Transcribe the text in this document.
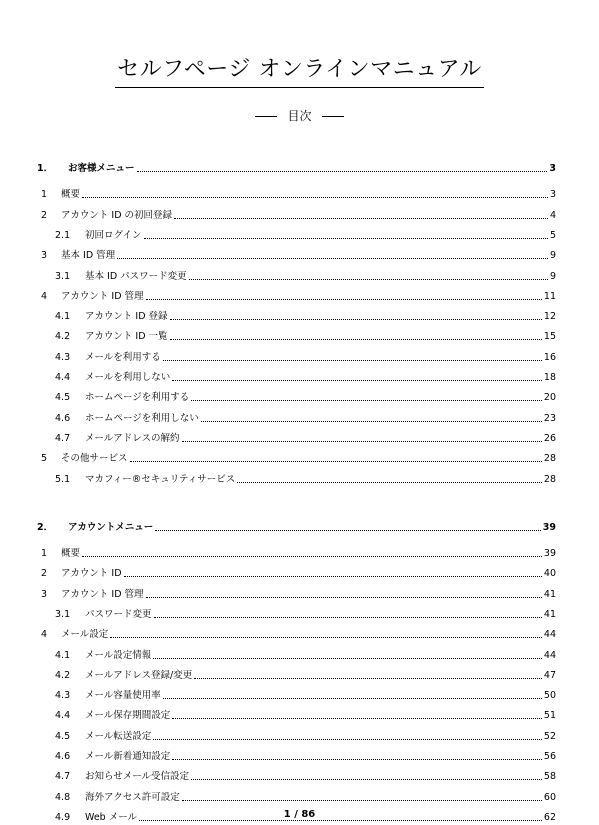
セルフページ オンラインマニュアル
目次
1．	お客様メニュー	3
1	概要	3
2	アカウント ID の初回登録	4
2.1	初回ログイン	5
3	基本 ID 管理	9
3.1	基本 ID パスワード変更	9
4	アカウント ID 管理	11
4.1	アカウント ID 登録	12
4.2	アカウント ID 一覧	15
4.3	メールを利用する	16
4.4	メールを利用しない	18
4.5	ホームページを利用する	20
4.6	ホームページを利用しない	23
4.7	メールアドレスの解約	26
5	その他サービス	28
5.1	マカフィー®セキュリティサービス	28
2．	アカウントメニュー	39
1	概要	39
2	アカウント ID	40
3	アカウント ID 管理	41
3.1	パスワード変更	41
4	メール設定	44
4.1	メール設定情報	44
4.2	メールアドレス登録/変更	47
4.3	メール容量使用率	50
4.4	メール保存期間設定	51
4.5	メール転送設定	52
4.6	メール新着通知設定	56
4.7	お知らせメール受信設定	58
4.8	海外アクセス許可設定	60
4.9	Web メール	62
1 / 86
